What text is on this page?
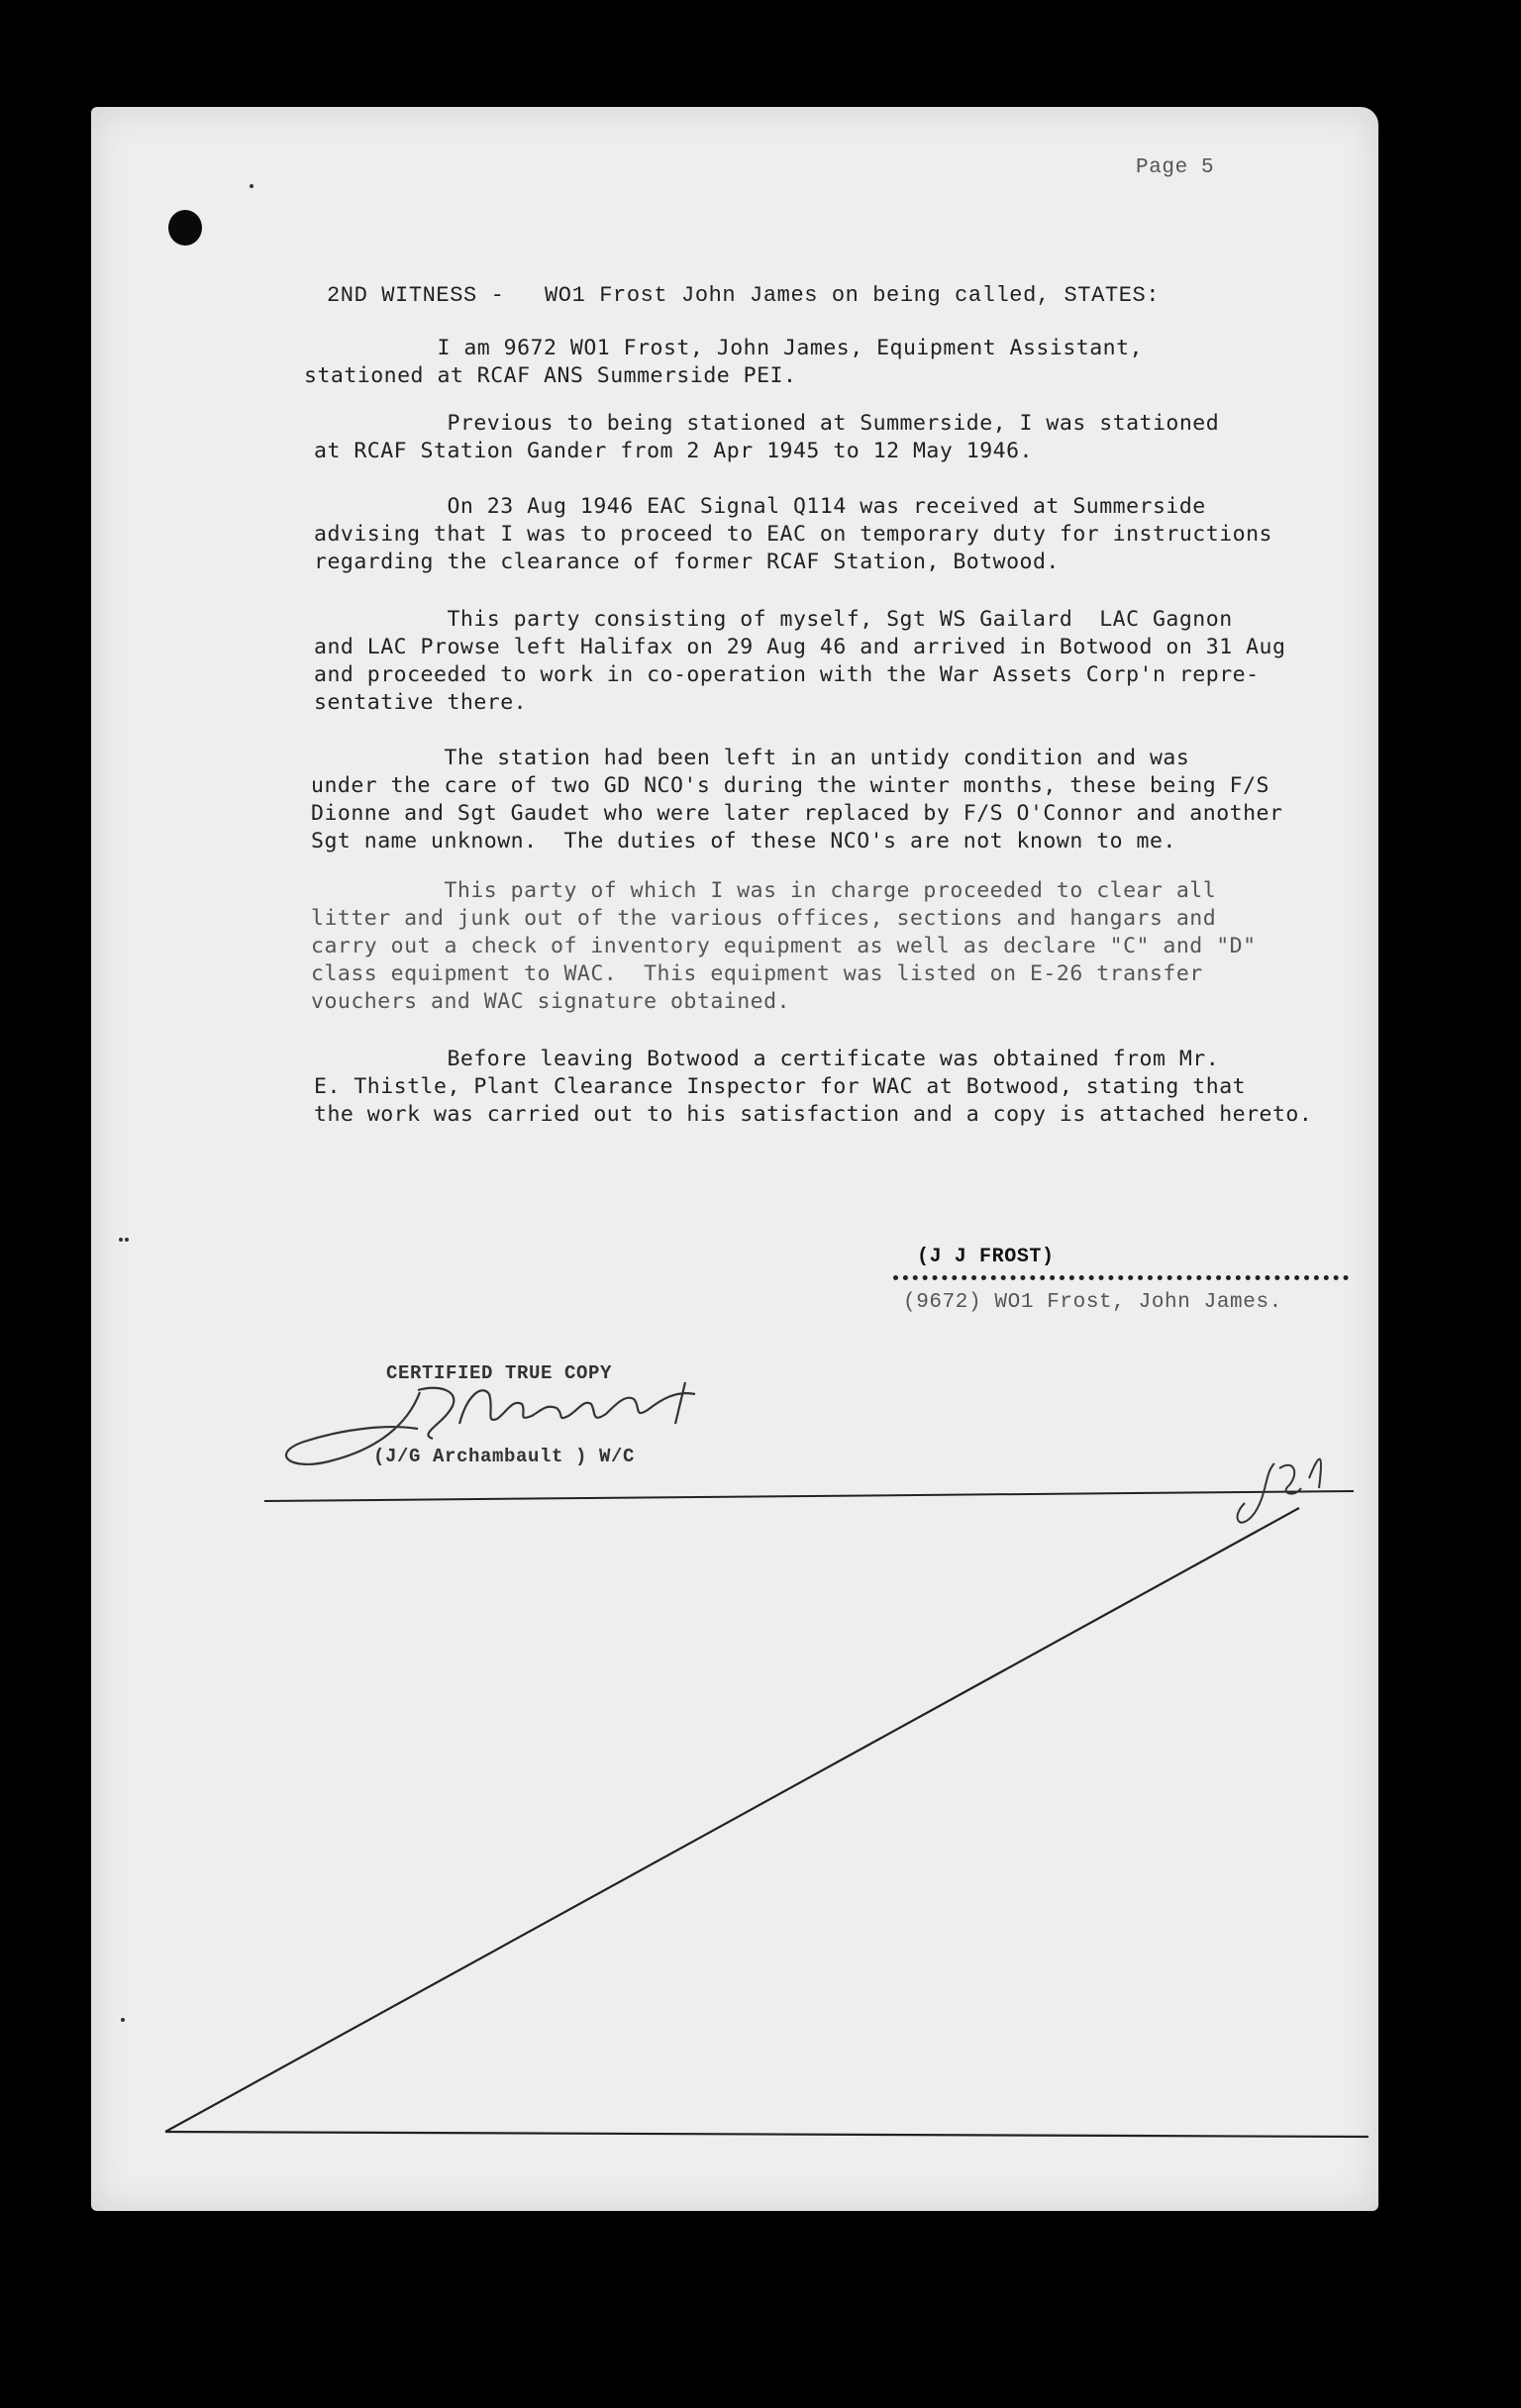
Page 5
2ND WITNESS - WO1 Frost John James on being called, STATES:
I am 9672 WO1 Frost, John James, Equipment Assistant,
stationed at RCAF ANS Summerside PEI.
Previous to being stationed at Summerside, I was stationed
at RCAF Station Gander from 2 Apr 1945 to 12 May 1946.
On 23 Aug 1946 EAC Signal Q114 was received at Summerside
advising that I was to proceed to EAC on temporary duty for instructions
regarding the clearance of former RCAF Station, Botwood.
This party consisting of myself, Sgt WS Gailard  LAC Gagnon
and LAC Prowse left Halifax on 29 Aug 46 and arrived in Botwood on 31 Aug
and proceeded to work in co-operation with the War Assets Corp'n repre-
sentative there.
The station had been left in an untidy condition and was
under the care of two GD NCO's during the winter months, these being F/S
Dionne and Sgt Gaudet who were later replaced by F/S O'Connor and another
Sgt name unknown.  The duties of these NCO's are not known to me.
This party of which I was in charge proceeded to clear all
litter and junk out of the various offices, sections and hangars and
carry out a check of inventory equipment as well as declare "C" and "D"
class equipment to WAC.  This equipment was listed on E-26 transfer
vouchers and WAC signature obtained.
Before leaving Botwood a certificate was obtained from Mr.
E. Thistle, Plant Clearance Inspector for WAC at Botwood, stating that
the work was carried out to his satisfaction and a copy is attached hereto.
(J J FROST)
(9672) WO1 Frost, John James.
CERTIFIED TRUE COPY
(J/G Archambault ) W/C
